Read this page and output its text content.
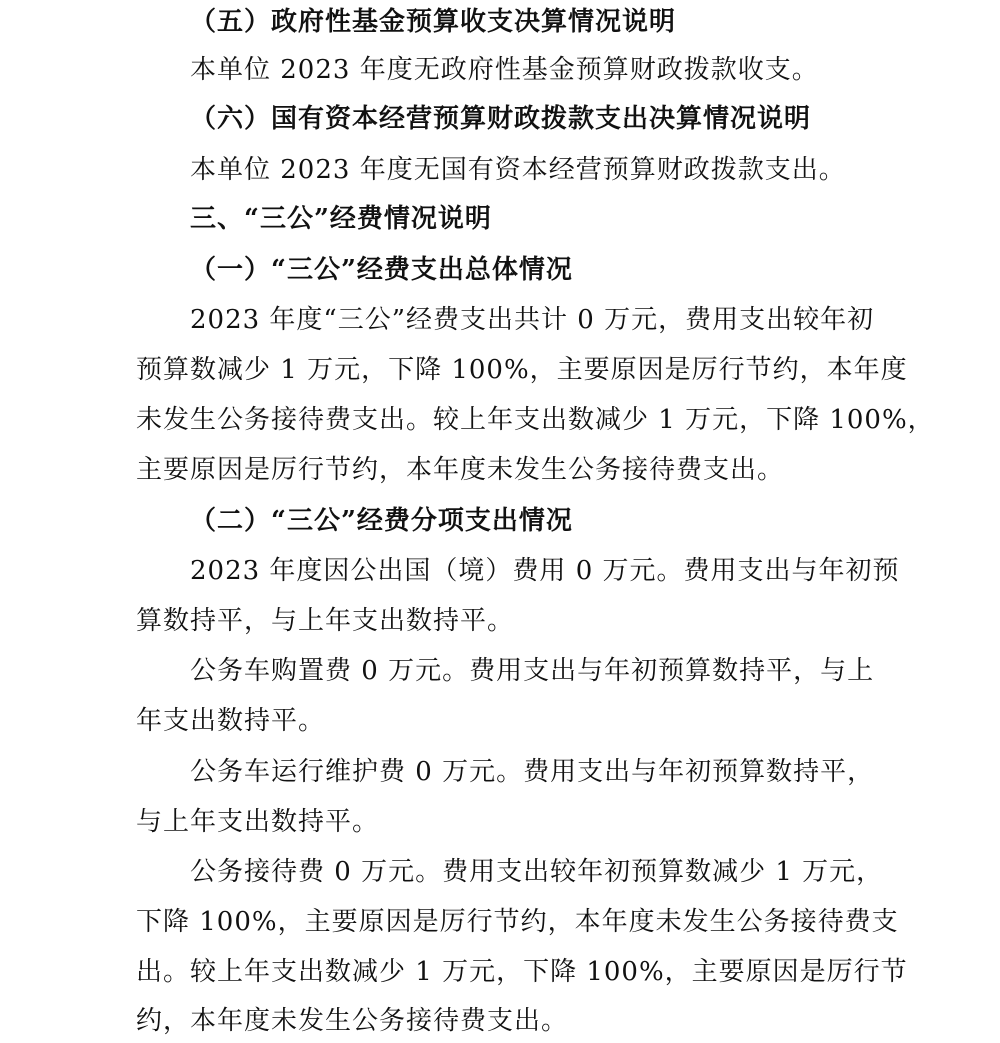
（五）政府性基金预算收支决算情况说明
本单位 2023 年度无政府性基金预算财政拨款收支。
（六）国有资本经营预算财政拨款支出决算情况说明
本单位 2023 年度无国有资本经营预算财政拨款支出。
三、“三公”经费情况说明
（一）“三公”经费支出总体情况
2023 年度“三公”经费支出共计 0 万元，费用支出较年初
预算数减少 1 万元，下降 100%，主要原因是厉行节约，本年度
未发生公务接待费支出。较上年支出数减少 1 万元，下降 100%，
主要原因是厉行节约，本年度未发生公务接待费支出。
（二）“三公”经费分项支出情况
2023 年度因公出国（境）费用 0 万元。费用支出与年初预
算数持平，与上年支出数持平。
公务车购置费 0 万元。费用支出与年初预算数持平，与上
年支出数持平。
公务车运行维护费 0 万元。费用支出与年初预算数持平，
与上年支出数持平。
公务接待费 0 万元。费用支出较年初预算数减少 1 万元，
下降 100%，主要原因是厉行节约，本年度未发生公务接待费支
出。较上年支出数减少 1 万元，下降 100%，主要原因是厉行节
约，本年度未发生公务接待费支出。
